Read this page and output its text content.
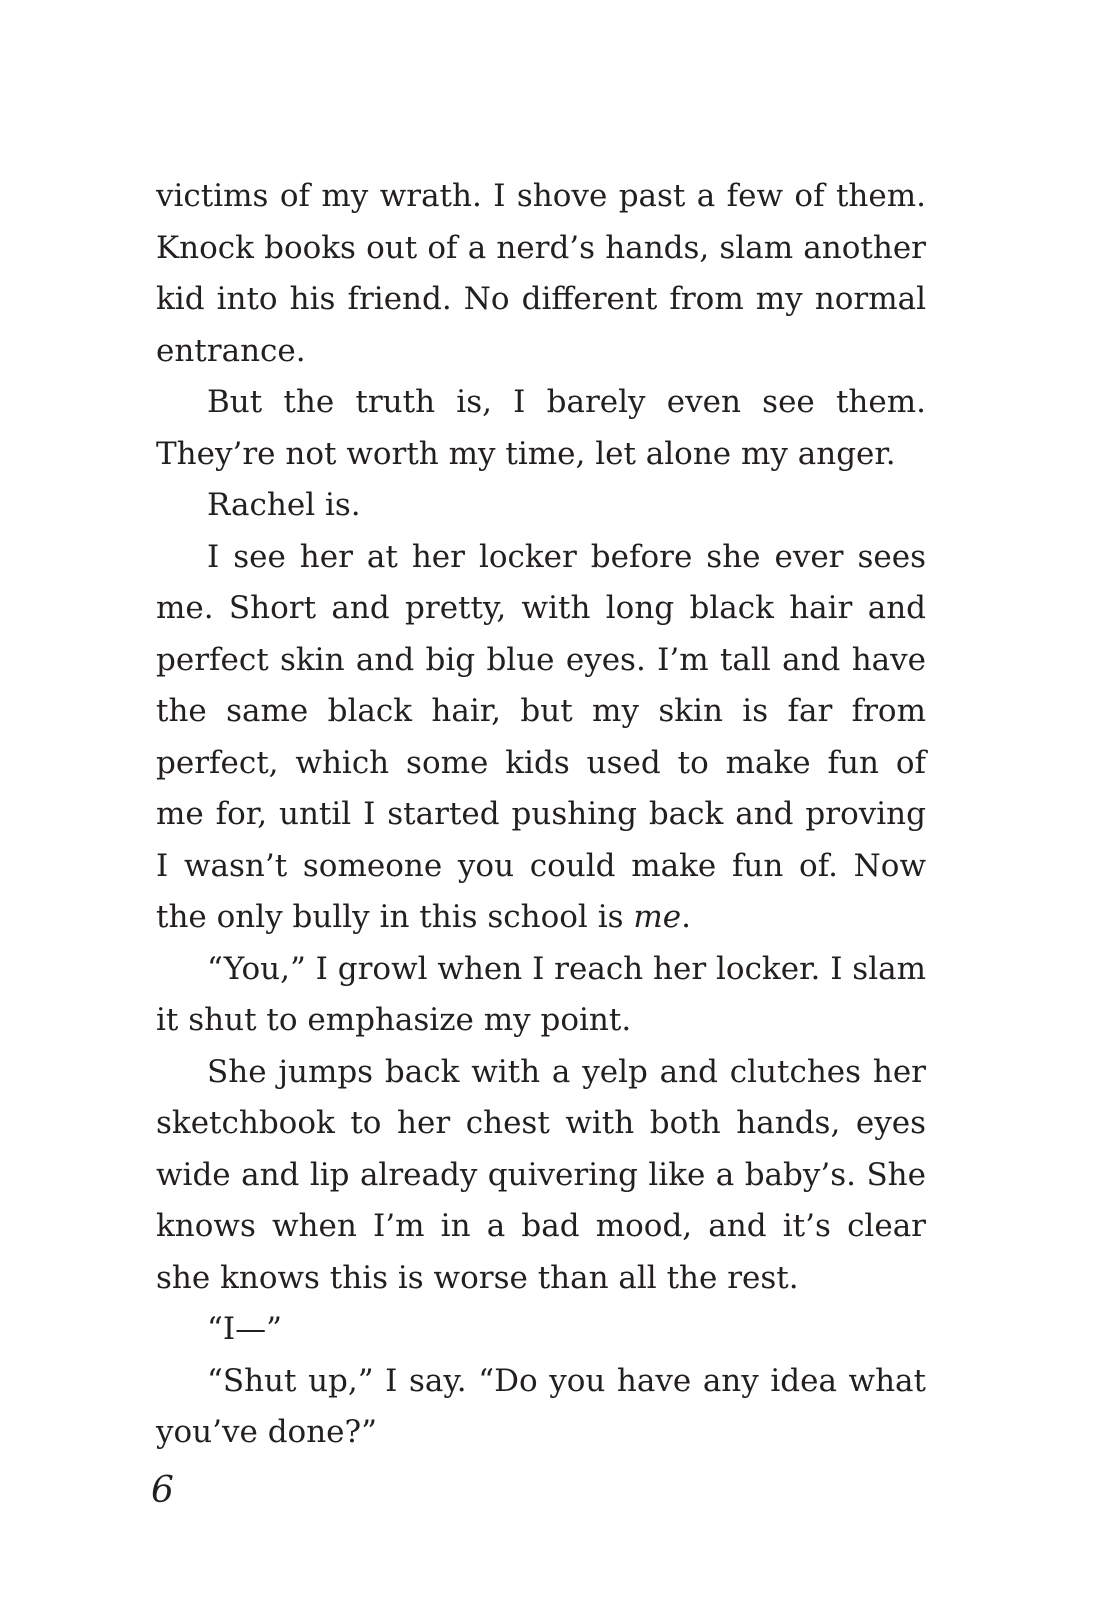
victims of my wrath. I shove past a few of them. Knock books out of a nerd’s hands, slam another kid into his friend. No different from my normal entrance.

But the truth is, I barely even see them. They’re not worth my time, let alone my anger.

Rachel is.

I see her at her locker before she ever sees me. Short and pretty, with long black hair and perfect skin and big blue eyes. I’m tall and have the same black hair, but my skin is far from perfect, which some kids used to make fun of me for, until I started pushing back and proving I wasn’t someone you could make fun of. Now the only bully in this school is me.

“You,” I growl when I reach her locker. I slam it shut to emphasize my point.

She jumps back with a yelp and clutches her sketchbook to her chest with both hands, eyes wide and lip already quivering like a baby’s. She knows when I’m in a bad mood, and it’s clear she knows this is worse than all the rest.

“I—”

“Shut up,” I say. “Do you have any idea what you’ve done?”

6
